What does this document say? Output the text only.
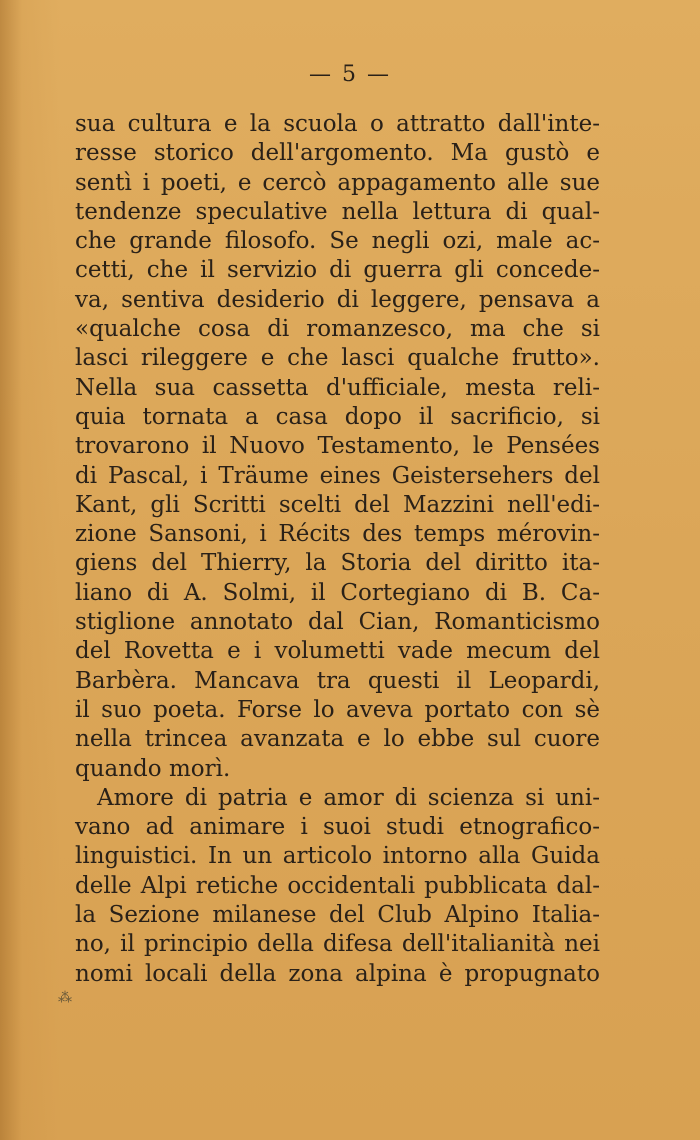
— 5 —
sua cultura e la scuola o attratto dall'inte-
resse storico dell'argomento. Ma gustò e
sentì i poeti, e cercò appagamento alle sue
tendenze speculative nella lettura di qual-
che grande filosofo. Se negli ozi, male ac-
cetti, che il servizio di guerra gli concede-
va, sentiva desiderio di leggere, pensava a
«qualche cosa di romanzesco, ma che si
lasci rileggere e che lasci qualche frutto».
Nella sua cassetta d'ufficiale, mesta reli-
quia tornata a casa dopo il sacrificio, si
trovarono il Nuovo Testamento, le Pensées
di Pascal, i Träume eines Geistersehers del
Kant, gli Scritti scelti del Mazzini nell'edi-
zione Sansoni, i Récits des temps mérovin-
giens del Thierry, la Storia del diritto ita-
liano di A. Solmi, il Cortegiano di B. Ca-
stiglione annotato dal Cian, Romanticismo
del Rovetta e i volumetti vade mecum del
Barbèra. Mancava tra questi il Leopardi,
il suo poeta. Forse lo aveva portato con sè
nella trincea avanzata e lo ebbe sul cuore
quando morì.
Amore di patria e amor di scienza si uni-
vano ad animare i suoi studi etnografico-
linguistici. In un articolo intorno alla Guida
delle Alpi retiche occidentali pubblicata dal-
la Sezione milanese del Club Alpino Italia-
no, il principio della difesa dell'italianità nei
nomi locali della zona alpina è propugnato
⁂
